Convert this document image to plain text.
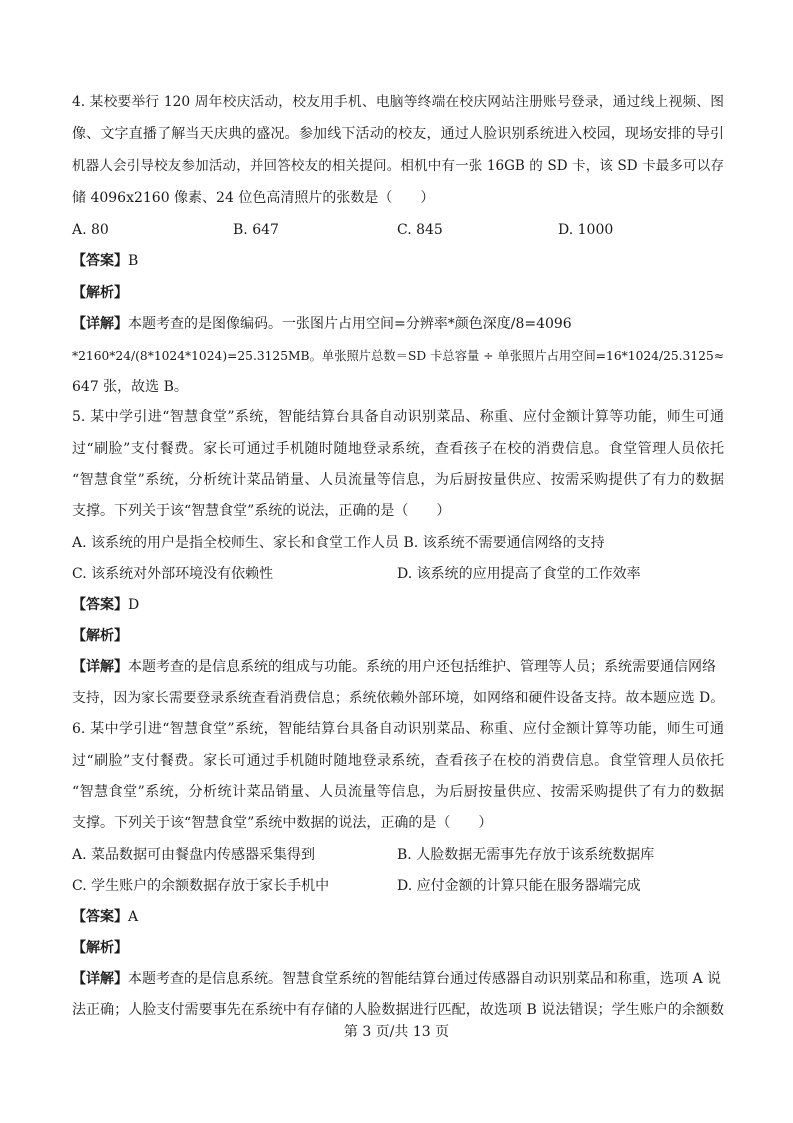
4. 某校要举行 120 周年校庆活动，校友用手机、电脑等终端在校庆网站注册账号登录，通过线上视频、图
像、文字直播了解当天庆典的盛况。参加线下活动的校友，通过人脸识别系统进入校园，现场安排的导引
机器人会引导校友参加活动，并回答校友的相关提问。相机中有一张 16GB 的 SD 卡，该 SD 卡最多可以存
储 4096x2160 像素、24 位色高清照片的张数是（　　）
A. 80	B. 647	C. 845	D. 1000
【答案】B
【解析】
【详解】本题考查的是图像编码。一张图片占用空间=分辨率*颜色深度/8=4096
*2160*24/(8*1024*1024)=25.3125MB。单张照片总数＝SD 卡总容量 ÷ 单张照片占用空间=16*1024/25.3125≈
647 张，故选 B。
5. 某中学引进“智慧食堂”系统，智能结算台具备自动识别菜品、称重、应付金额计算等功能，师生可通
过“刷脸”支付餐费。家长可通过手机随时随地登录系统，查看孩子在校的消费信息。食堂管理人员依托
“智慧食堂”系统，分析统计菜品销量、人员流量等信息，为后厨按量供应、按需采购提供了有力的数据
支撑。下列关于该“智慧食堂”系统的说法，正确的是（　　）
A. 该系统的用户是指全校师生、家长和食堂工作人员 B. 该系统不需要通信网络的支持
C. 该系统对外部环境没有依赖性	D. 该系统的应用提高了食堂的工作效率
【答案】D
【解析】
【详解】本题考查的是信息系统的组成与功能。系统的用户还包括维护、管理等人员；系统需要通信网络
支持，因为家长需要登录系统查看消费信息；系统依赖外部环境，如网络和硬件设备支持。故本题应选 D。
6. 某中学引进“智慧食堂”系统，智能结算台具备自动识别菜品、称重、应付金额计算等功能，师生可通
过“刷脸”支付餐费。家长可通过手机随时随地登录系统，查看孩子在校的消费信息。食堂管理人员依托
“智慧食堂”系统，分析统计菜品销量、人员流量等信息，为后厨按量供应、按需采购提供了有力的数据
支撑。下列关于该“智慧食堂”系统中数据的说法，正确的是（　　）
A. 菜品数据可由餐盘内传感器采集得到	B. 人脸数据无需事先存放于该系统数据库
C. 学生账户的余额数据存放于家长手机中	D. 应付金额的计算只能在服务器端完成
【答案】A
【解析】
【详解】本题考查的是信息系统。智慧食堂系统的智能结算台通过传感器自动识别菜品和称重，选项 A 说
法正确；人脸支付需要事先在系统中有存储的人脸数据进行匹配，故选项 B 说法错误；学生账户的余额数
第 3 页/共 13 页
